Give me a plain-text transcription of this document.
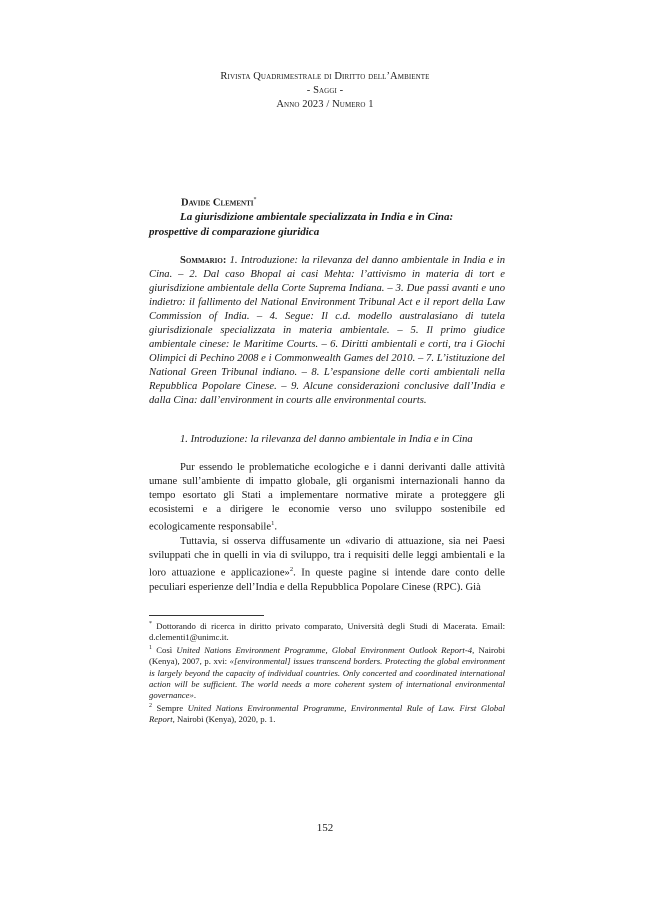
Rivista Quadrimestrale di Diritto dell’Ambiente
- Saggi -
Anno 2023 / Numero 1
Davide Clementi*
La giurisdizione ambientale specializzata in India e in Cina:
prospettive di comparazione giuridica

Sommario: 1. Introduzione: la rilevanza del danno ambientale in India e in Cina. – 2. Dal caso Bhopal ai casi Mehta: l’attivismo in materia di tort e giurisdizione ambientale della Corte Suprema Indiana. – 3. Due passi avanti e uno indietro: il fallimento del National Environment Tribunal Act e il report della Law Commission of India. – 4. Segue: Il c.d. modello australasiano di tutela giurisdizionale specializzata in materia ambientale. – 5. Il primo giudice ambientale cinese: le Maritime Courts. – 6. Diritti ambientali e corti, tra i Giochi Olimpici di Pechino 2008 e i Commonwealth Games del 2010. – 7. L’istituzione del National Green Tribunal indiano. – 8. L’espansione delle corti ambientali nella Repubblica Popolare Cinese. – 9. Alcune considerazioni conclusive dall’India e dalla Cina: dall’environment in courts alle environmental courts.

1. Introduzione: la rilevanza del danno ambientale in India e in Cina

Pur essendo le problematiche ecologiche e i danni derivanti dalle attività umane sull’ambiente di impatto globale, gli organismi internazionali hanno da tempo esortato gli Stati a implementare normative mirate a proteggere gli ecosistemi e a dirigere le economie verso uno sviluppo sostenibile ed ecologicamente responsabile$^1$.

Tuttavia, si osserva diffusamente un «divario di attuazione, sia nei Paesi sviluppati che in quelli in via di sviluppo, tra i requisiti delle leggi ambientali e la loro attuazione e applicazione»$^2$. In queste pagine si intende dare conto delle peculiari esperienze dell’India e della Repubblica Popolare Cinese (RPC). Già

* Dottorando di ricerca in diritto privato comparato, Università degli Studi di Macerata. Email: d.clementi1@unimc.it.

$^1$ Così United Nations Environment Programme, Global Environment Outlook Report-4, Nairobi (Kenya), 2007, p. xvi: «[environmental] issues transcend borders. Protecting the global environment is largely beyond the capacity of individual countries. Only concerted and coordinated international action will be sufficient. The world needs a more coherent system of international environmental governance».

$^2$ Sempre United Nations Environmental Programme, Environmental Rule of Law. First Global Report, Nairobi (Kenya), 2020, p. 1.

152
